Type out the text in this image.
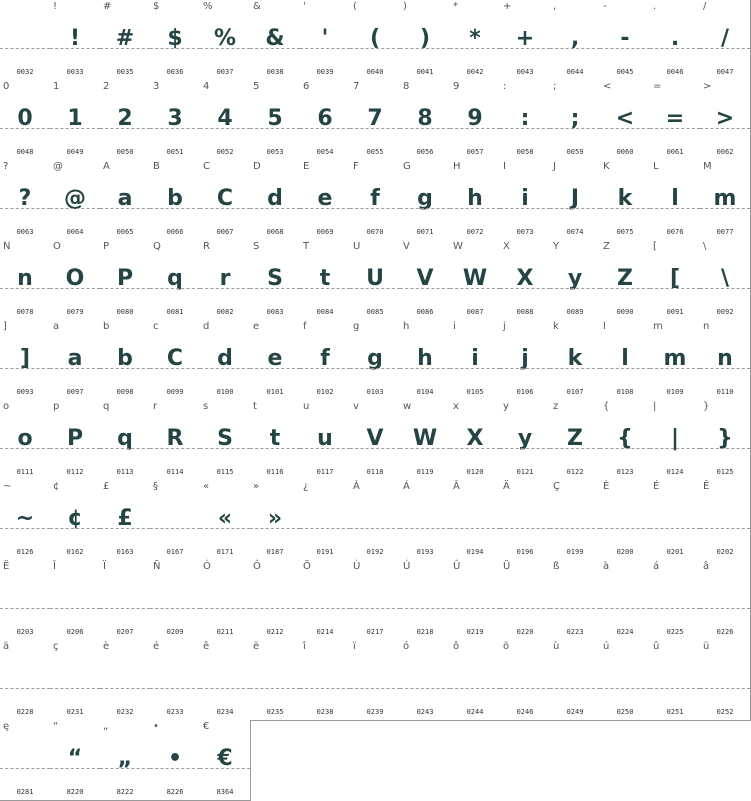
0032
!
!
0033
#
#
0035
$
$
0036
%
%
0037
&
&
0038
'
'
0039
(
(
0040
)
)
0041
*
*
0042
+
+
0043
,
,
0044
-
-
0045
.
.
0046
/
/
0047
0
0
0048
1
1
0049
2
2
0050
3
3
0051
4
4
0052
5
5
0053
6
6
0054
7
7
0055
8
8
0056
9
9
0057
:
:
0058
;
;
0059
<
<
0060
=
=
0061
>
>
0062
?
?
0063
@
@
0064
A
a
0065
B
b
0066
C
C
0067
D
d
0068
E
e
0069
F
f
0070
G
g
0071
H
h
0072
I
i
0073
J
J
0074
K
k
0075
L
l
0076
M
m
0077
N
n
0078
O
O
0079
P
P
0080
Q
q
0081
R
r
0082
S
S
0083
T
t
0084
U
U
0085
V
V
0086
W
W
0087
X
X
0088
Y
y
0089
Z
Z
0090
[
[
0091
\
\
0092
]
]
0093
a
a
0097
b
b
0098
c
C
0099
d
d
0100
e
e
0101
f
f
0102
g
g
0103
h
h
0104
i
i
0105
j
j
0106
k
k
0107
l
l
0108
m
m
0109
n
n
0110
o
o
0111
p
P
0112
q
q
0113
r
R
0114
s
S
0115
t
t
0116
u
u
0117
v
V
0118
w
W
0119
x
X
0120
y
y
0121
z
Z
0122
{
{
0123
|
|
0124
}
}
0125
~
~
0126
¢
¢
0162
£
£
0163
§
0167
«
«
0171
»
»
0187
¿
0191
À
0192
Á
0193
Â
0194
Ä
0196
Ç
0199
È
0200
É
0201
Ê
0202
Ë
0203
Î
0206
Ï
0207
Ñ
0209
Ó
0211
Ô
0212
Ö
0214
Ù
0217
Ú
0218
Û
0219
Ü
0220
ß
0223
à
0224
á
0225
â
0226
ä
0228
ç
0231
è
0232
é
0233
ê
0234
ë
0235
î
0238
ï
0239
ó
0243
ô
0244
ö
0246
ù
0249
ú
0250
û
0251
ü
0252
ę
0281
“
“
8220
„
„
8222
•
•
8226
€
€
8364
